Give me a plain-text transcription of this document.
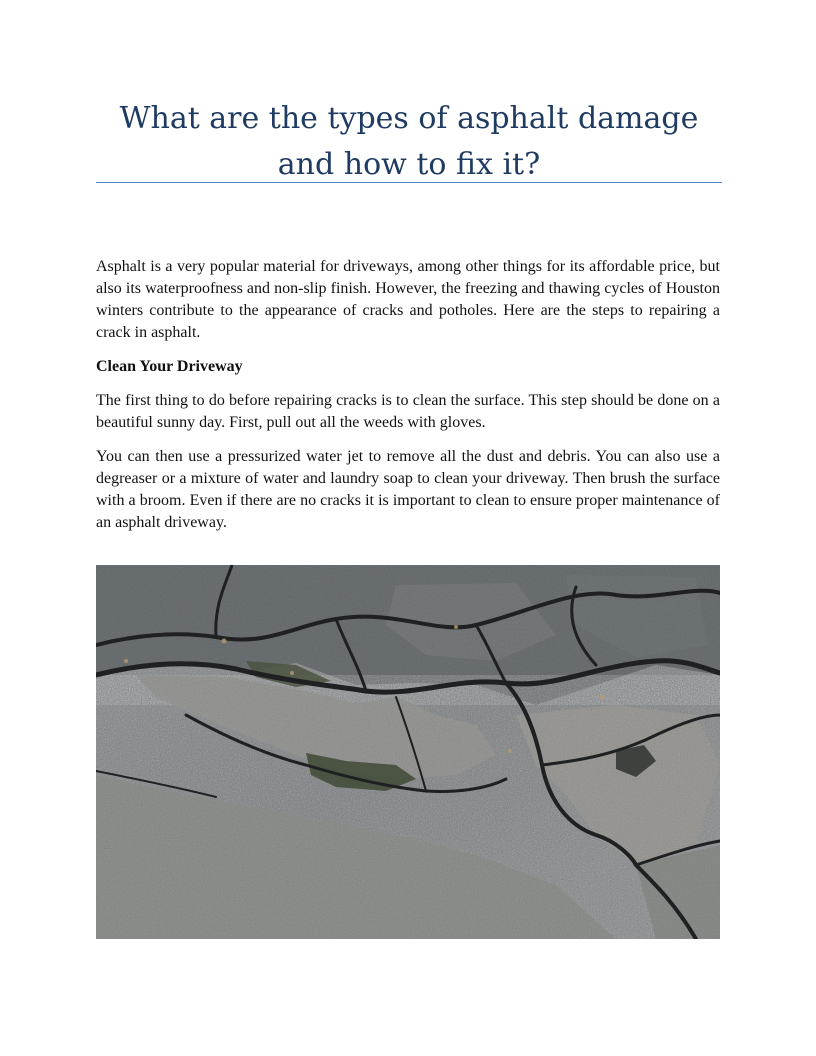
What are the types of asphalt damage and how to fix it?

Asphalt is a very popular material for driveways, among other things for its affordable price, but also its waterproofness and non-slip finish. However, the freezing and thawing cycles of Houston winters contribute to the appearance of cracks and potholes. Here are the steps to repairing a crack in asphalt.

Clean Your Driveway

The first thing to do before repairing cracks is to clean the surface. This step should be done on a beautiful sunny day. First, pull out all the weeds with gloves.

You can then use a pressurized water jet to remove all the dust and debris. You can also use a degreaser or a mixture of water and laundry soap to clean your driveway. Then brush the surface with a broom. Even if there are no cracks it is important to clean to ensure proper maintenance of an asphalt driveway.
